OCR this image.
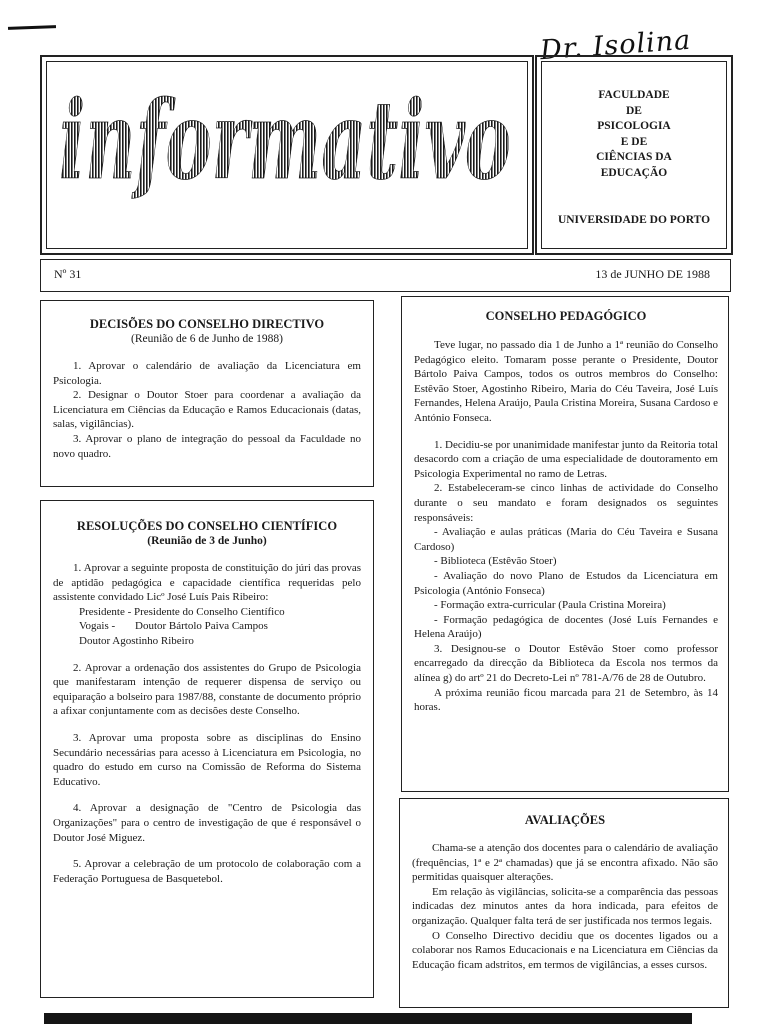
Dr. Isolina
informativo	FACULDADE
DE
PSICOLOGIA
E DE
CIÊNCIAS DA
EDUCAÇÃO
UNIVERSIDADE DO PORTO
Nº 31	13 de JUNHO DE 1988
DECISÕES DO CONSELHO DIRECTIVO
(Reunião de 6 de Junho de 1988)

1. Aprovar o calendário de avaliação da Licenciatura em Psicologia.

2. Designar o Doutor Stoer para coordenar a avaliação da Licenciatura em Ciências da Educação e Ramos Educacionais (datas, salas, vigilâncias).

3. Aprovar o plano de integração do pessoal da Faculdade no novo quadro.

RESOLUÇÕES DO CONSELHO CIENTÍFICO
(Reunião de 3 de Junho)

1. Aprovar a seguinte proposta de constituição do júri das provas de aptidão pedagógica e capacidade científica requeridas pelo assistente convidado Licº José Luís Pais Ribeiro:

Presidente - Presidente do Conselho Científico
Vogais - Doutor Bártolo Paiva Campos
Doutor Agostinho Ribeiro

2. Aprovar a ordenação dos assistentes do Grupo de Psicologia que manifestaram intenção de requerer dispensa de serviço ou equiparação a bolseiro para 1987/88, constante de documento próprio a afixar conjuntamente com as decisões deste Conselho.

3. Aprovar uma proposta sobre as disciplinas do Ensino Secundário necessárias para acesso à Licenciatura em Psicologia, no quadro do estudo em curso na Comissão de Reforma do Sistema Educativo.

4. Aprovar a designação de "Centro de Psicologia das Organizações" para o centro de investigação de que é responsável o Doutor José Miguez.

5. Aprovar a celebração de um protocolo de colaboração com a Federação Portuguesa de Basquetebol.

CONSELHO PEDAGÓGICO

Teve lugar, no passado dia 1 de Junho a 1ª reunião do Conselho Pedagógico eleito. Tomaram posse perante o Presidente, Doutor Bártolo Paiva Campos, todos os outros membros do Conselho: Estêvão Stoer, Agostinho Ribeiro, Maria do Céu Taveira, José Luís Fernandes, Helena Araújo, Paula Cristina Moreira, Susana Cardoso e António Fonseca.

1. Decidiu-se por unanimidade manifestar junto da Reitoria total desacordo com a criação de uma especialidade de doutoramento em Psicologia Experimental no ramo de Letras.

2. Estabeleceram-se cinco linhas de actividade do Conselho durante o seu mandato e foram designados os seguintes responsáveis:

- Avaliação e aulas práticas (Maria do Céu Taveira e Susana Cardoso)

- Biblioteca (Estêvão Stoer)

- Avaliação do novo Plano de Estudos da Licenciatura em Psicologia (António Fonseca)

- Formação extra-curricular (Paula Cristina Moreira)

- Formação pedagógica de docentes (José Luís Fernandes e Helena Araújo)

3. Designou-se o Doutor Estêvão Stoer como professor encarregado da direcção da Biblioteca da Escola nos termos da alínea g) do artº 21 do Decreto-Lei nº 781-A/76 de 28 de Outubro.

A próxima reunião ficou marcada para 21 de Setembro, às 14 horas.

AVALIAÇÕES

Chama-se a atenção dos docentes para o calendário de avaliação (frequências, 1ª e 2ª chamadas) que já se encontra afixado. Não são permitidas quaisquer alterações.

Em relação às vigilâncias, solicita-se a comparência das pessoas indicadas dez minutos antes da hora indicada, para efeitos de organização. Qualquer falta terá de ser justificada nos termos legais.

O Conselho Directivo decidiu que os docentes ligados ou a colaborar nos Ramos Educacionais e na Licenciatura em Ciências da Educação ficam adstritos, em termos de vigilâncias, a esses cursos.
